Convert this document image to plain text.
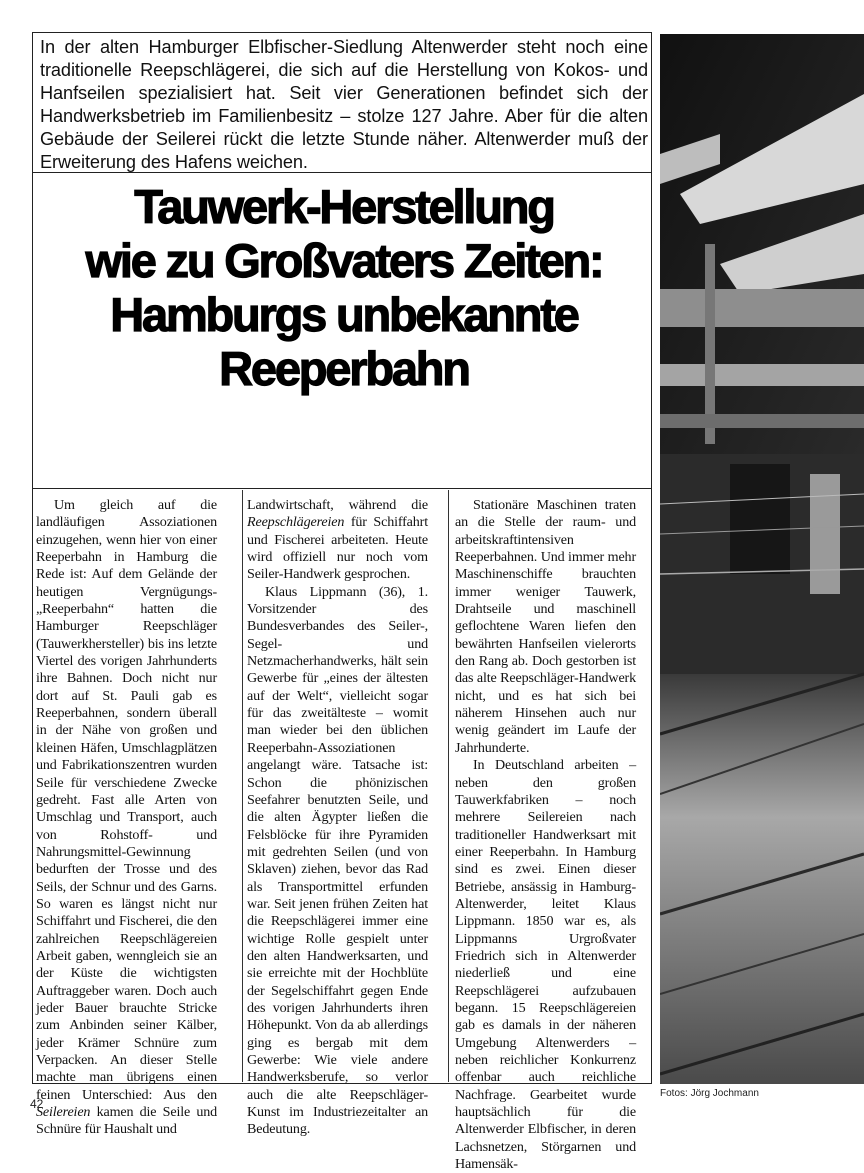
In der alten Hamburger Elbfischer-Siedlung Altenwerder steht noch eine traditionelle Reepschlägerei, die sich auf die Herstellung von Kokos- und Hanfseilen spezialisiert hat. Seit vier Generationen befindet sich der Handwerksbetrieb im Familienbesitz – stolze 127 Jahre. Aber für die alten Gebäude der Seilerei rückt die letzte Stunde näher. Altenwerder muß der Erweiterung des Hafens weichen.
Tauwerk-Herstellung
wie zu Großvaters Zeiten:
Hamburgs unbekannte
Reeperbahn

Um gleich auf die landläufigen Assoziationen einzugehen, wenn hier von einer Reeperbahn in Hamburg die Rede ist: Auf dem Gelände der heutigen Vergnügungs-„Reeperbahn“ hatten die Hamburger Reepschläger (Tauwerkhersteller) bis ins letzte Viertel des vorigen Jahrhunderts ihre Bahnen. Doch nicht nur dort auf St. Pauli gab es Reeperbahnen, sondern überall in der Nähe von großen und kleinen Häfen, Umschlagplätzen und Fabrikationszentren wurden Seile für verschiedene Zwecke gedreht. Fast alle Arten von Umschlag und Transport, auch von Rohstoff- und Nahrungsmittel-Gewinnung bedurften der Trosse und des Seils, der Schnur und des Garns. So waren es längst nicht nur Schiffahrt und Fischerei, die den zahlreichen Reepschlägereien Arbeit gaben, wenngleich sie an der Küste die wichtigsten Auftraggeber waren. Doch auch jeder Bauer brauchte Stricke zum Anbinden seiner Kälber, jeder Krämer Schnüre zum Verpacken. An dieser Stelle machte man übrigens einen feinen Unterschied: Aus den Seilereien kamen die Seile und Schnüre für Haushalt und

Landwirtschaft, während die Reepschlägereien für Schiffahrt und Fischerei arbeiteten. Heute wird offiziell nur noch vom Seiler-Handwerk gesprochen.

Klaus Lippmann (36), 1. Vorsitzender des Bundesverbandes des Seiler-, Segel- und Netzmacherhandwerks, hält sein Gewerbe für „eines der ältesten auf der Welt“, vielleicht sogar für das zweitälteste – womit man wieder bei den üblichen Reeperbahn-Assoziationen angelangt wäre. Tatsache ist: Schon die phönizischen Seefahrer benutzten Seile, und die alten Ägypter ließen die Felsblöcke für ihre Pyramiden mit gedrehten Seilen (und von Sklaven) ziehen, bevor das Rad als Transportmittel erfunden war. Seit jenen frühen Zeiten hat die Reepschlägerei immer eine wichtige Rolle gespielt unter den alten Handwerksarten, und sie erreichte mit der Hochblüte der Segelschiffahrt gegen Ende des vorigen Jahrhunderts ihren Höhepunkt. Von da ab allerdings ging es bergab mit dem Gewerbe: Wie viele andere Handwerksberufe, so verlor auch die alte Reepschläger-Kunst im Industriezeitalter an Bedeutung.

Stationäre Maschinen traten an die Stelle der raum- und arbeitskraftintensiven Reeperbahnen. Und immer mehr Maschinenschiffe brauchten immer weniger Tauwerk, Drahtseile und maschinell geflochtene Waren liefen den bewährten Hanfseilen vielerorts den Rang ab. Doch gestorben ist das alte Reepschläger-Handwerk nicht, und es hat sich bei näherem Hinsehen auch nur wenig geändert im Laufe der Jahrhunderte.

In Deutschland arbeiten – neben den großen Tauwerkfabriken – noch mehrere Seilereien nach traditioneller Handwerksart mit einer Reeperbahn. In Hamburg sind es zwei. Einen dieser Betriebe, ansässig in Hamburg-Altenwerder, leitet Klaus Lippmann. 1850 war es, als Lippmanns Urgroßvater Friedrich sich in Altenwerder niederließ und eine Reepschlägerei aufzubauen begann. 15 Reepschlägereien gab es damals in der näheren Umgebung Altenwerders – neben reichlicher Konkurrenz offenbar auch reichliche Nachfrage. Gearbeitet wurde hauptsächlich für die Altenwerder Elbfischer, in deren Lachsnetzen, Störgarnen und Hamensäk-

Fotos: Jörg Jochmann
42
